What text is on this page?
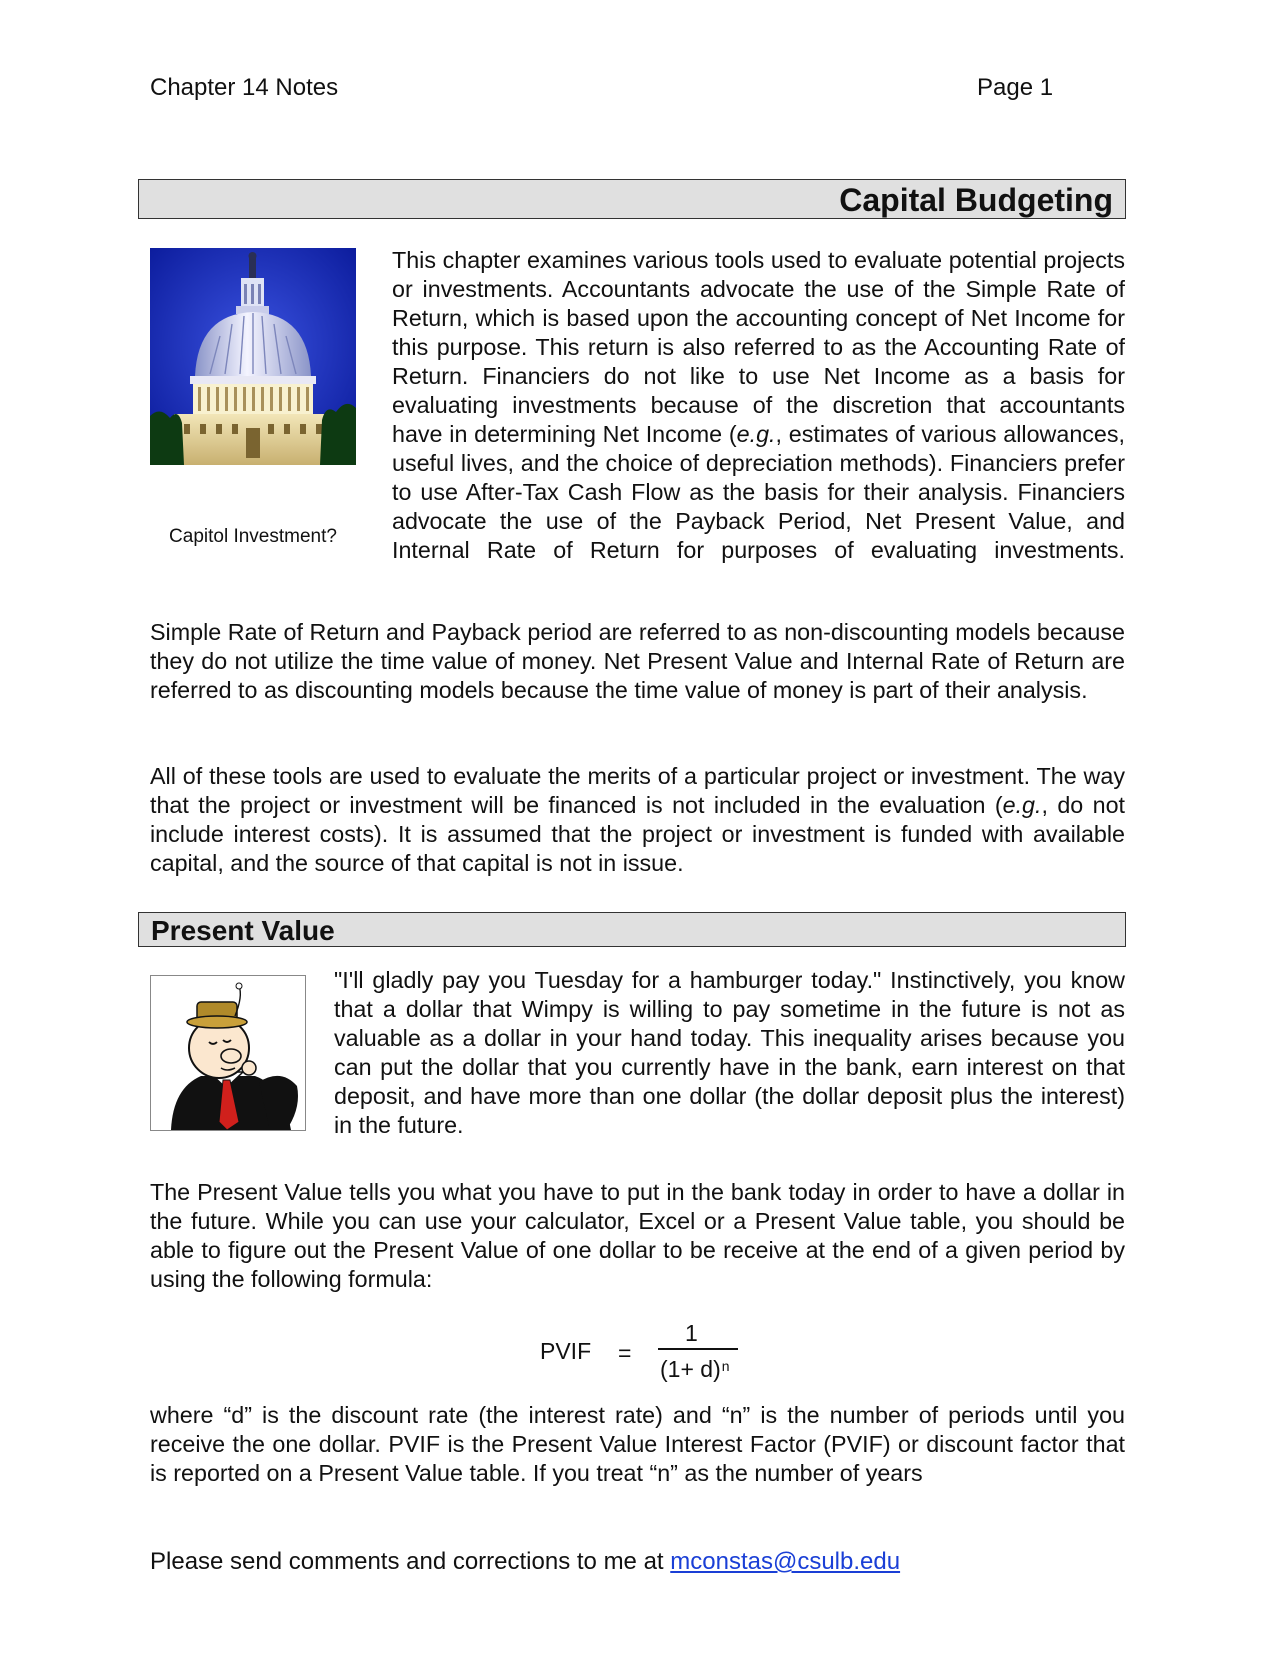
Chapter 14 Notes	Page 1
Capital Budgeting
Capitol Investment?

This chapter examines various tools used to evaluate potential projects or investments. Accountants advocate the use of the Simple Rate of Return, which is based upon the accounting concept of Net Income for this purpose. This return is also referred to as the Accounting Rate of Return. Financiers do not like to use Net Income as a basis for evaluating investments because of the discretion that accountants have in determining Net Income (e.g., estimates of various allowances, useful lives, and the choice of depreciation methods). Financiers prefer to use After-Tax Cash Flow as the basis for their analysis. Financiers advocate the use of the Payback Period, Net Present Value, and Internal Rate of Return for purposes of evaluating investments.

Simple Rate of Return and Payback period are referred to as non-discounting models because they do not utilize the time value of money. Net Present Value and Internal Rate of Return are referred to as discounting models because the time value of money is part of their analysis.

All of these tools are used to evaluate the merits of a particular project or investment. The way that the project or investment will be financed is not included in the evaluation (e.g., do not include interest costs). It is assumed that the project or investment is funded with available capital, and the source of that capital is not in issue.

Present Value

"I'll gladly pay you Tuesday for a hamburger today." Instinctively, you know that a dollar that Wimpy is willing to pay sometime in the future is not as valuable as a dollar in your hand today. This inequality arises because you can put the dollar that you currently have in the bank, earn interest on that deposit, and have more than one dollar (the dollar deposit plus the interest) in the future.

The Present Value tells you what you have to put in the bank today in order to have a dollar in the future. While you can use your calculator, Excel or a Present Value table, you should be able to figure out the Present Value of one dollar to be receive at the end of a given period by using the following formula:

PVIF =
1
$(1+ d)^n$

where “d” is the discount rate (the interest rate) and “n” is the number of periods until you receive the one dollar. PVIF is the Present Value Interest Factor (PVIF) or discount factor that is reported on a Present Value table. If you treat “n” as the number of years

Please send comments and corrections to me at mconstas@csulb.edu
